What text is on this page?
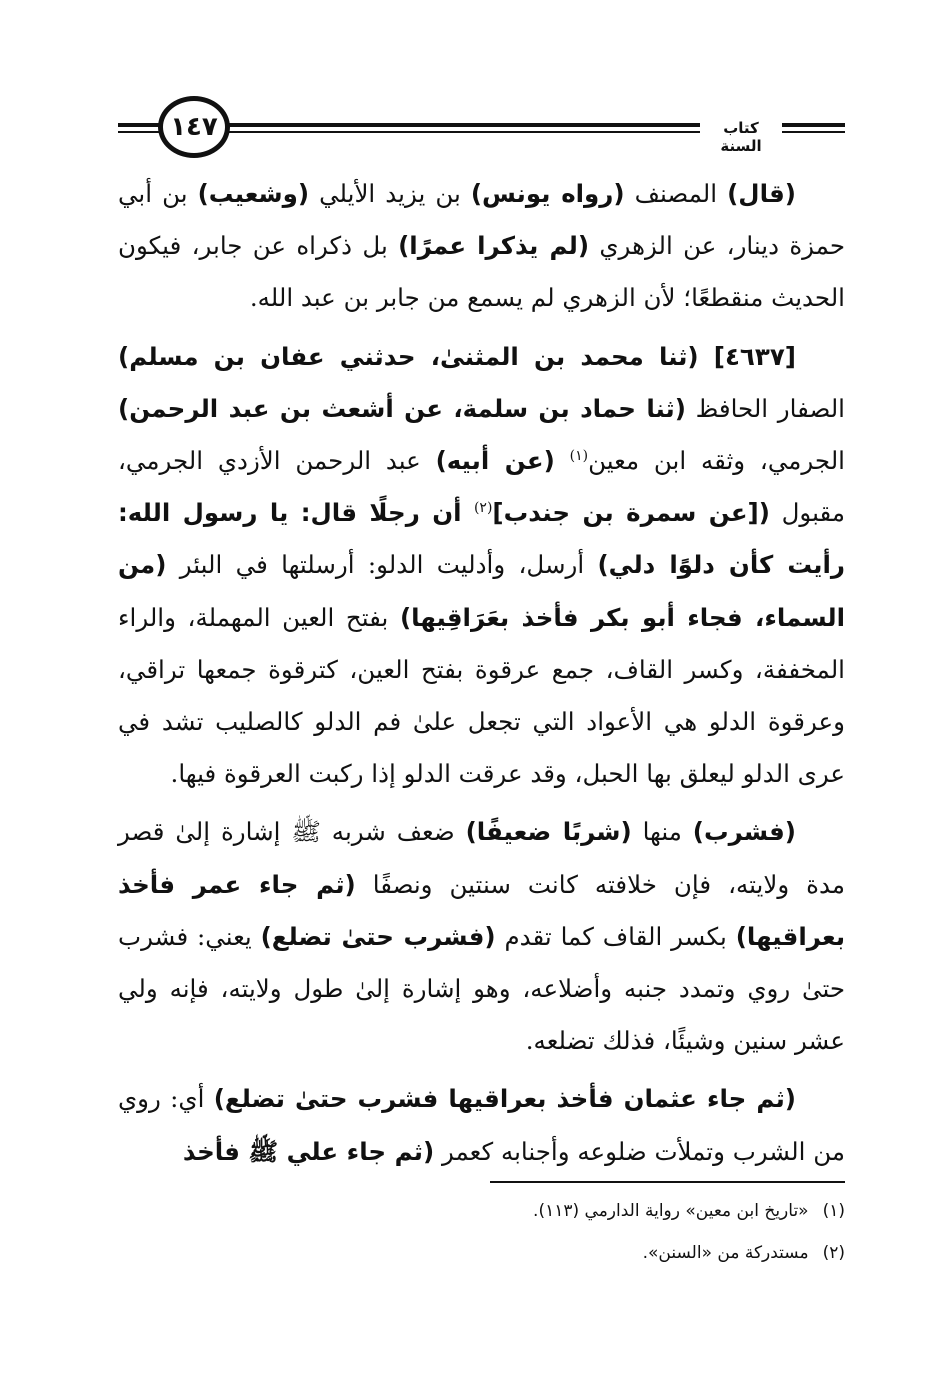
١٤٧	كتاب السنة

(قال) المصنف (رواه يونس) بن يزيد الأيلي (وشعيب) بن أبي حمزة دينار، عن الزهري (لم يذكرا عمرًا) بل ذكراه عن جابر، فيكون الحديث منقطعًا؛ لأن الزهري لم يسمع من جابر بن عبد الله.

[٤٦٣٧] (ثنا محمد بن المثنىٰ، حدثني عفان بن مسلم) الصفار الحافظ (ثنا حماد بن سلمة، عن أشعث بن عبد الرحمن) الجرمي، وثقه ابن معين$^{(١)}$ (عن أبيه) عبد الرحمن الأزدي الجرمي، مقبول ([عن سمرة بن جندب]$^{(٢)}$ أن رجلًا قال: يا رسول الله: رأيت كأن دلوًا دلي) أرسل، وأدليت الدلو: أرسلتها في البئر (من السماء، فجاء أبو بكر فأخذ بعَرَاقِيها) بفتح العين المهملة، والراء المخففة، وكسر القاف، جمع عرقوة بفتح العين، كترقوة جمعها تراقي، وعرقوة الدلو هي الأعواد التي تجعل علىٰ فم الدلو كالصليب تشد في عرى الدلو ليعلق بها الحبل، وقد عرقت الدلو إذا ركبت العرقوة فيها.

(فشرب) منها (شربًا ضعيفًا) ضعف شربه ﷺ إشارة إلىٰ قصر مدة ولايته، فإن خلافته كانت سنتين ونصفًا (ثم جاء عمر فأخذ بعراقيها) بكسر القاف كما تقدم (فشرب حتىٰ تضلع) يعني: فشرب حتىٰ روي وتمدد جنبه وأضلاعه، وهو إشارة إلىٰ طول ولايته، فإنه ولي عشر سنين وشيئًا، فذلك تضلعه.

(ثم جاء عثمان فأخذ بعراقيها فشرب حتىٰ تضلع) أي: روي من الشرب وتملأت ضلوعه وأجنابه كعمر (ثم جاء علي ﷺ فأخذ

(١)«تاريخ ابن معين» رواية الدارمي (١١٣).

(٢)مستدركة من «السنن».
